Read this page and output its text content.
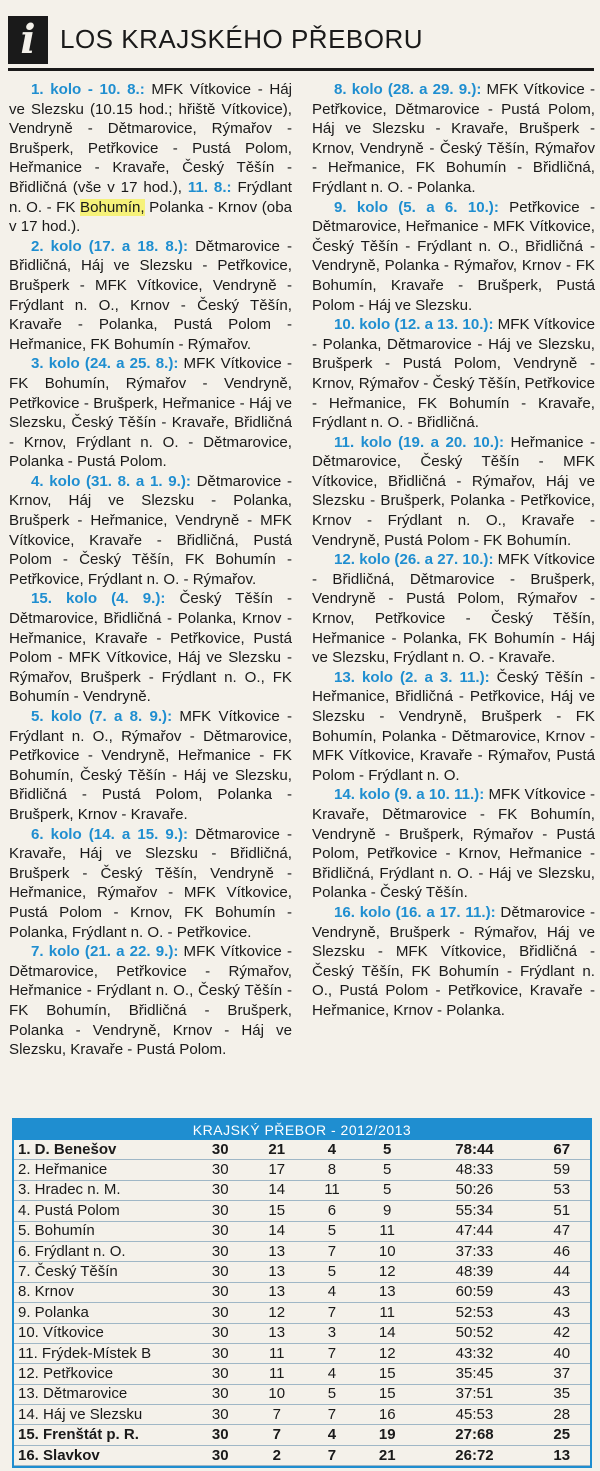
i LOS KRAJSKÉHO PŘEBORU

1. kolo - 10. 8.: MFK Vítkovice - Háj ve Slezsku (10.15 hod.; hřiště Vítkovice), Vendryně - Dětmarovice, Rýmařov - Brušperk, Petřkovice - Pustá Polom, Heřmanice - Kravaře, Český Těšín - Břidličná (vše v 17 hod.), 11. 8.: Frýdlant n. O. - FK Bohumín, Polanka - Krnov (oba v 17 hod.).

2. kolo (17. a 18. 8.): Dětmarovice - Břidličná, Háj ve Slezsku - Petřkovice, Brušperk - MFK Vítkovice, Vendryně - Frýdlant n. O., Krnov - Český Těšín, Kravaře - Polanka, Pustá Polom - Heřmanice, FK Bohumín - Rýmařov.

3. kolo (24. a 25. 8.): MFK Vítkovice - FK Bohumín, Rýmařov - Vendryně, Petřkovice - Brušperk, Heřmanice - Háj ve Slezsku, Český Těšín - Kravaře, Břidličná - Krnov, Frýdlant n. O. - Dětmarovice, Polanka - Pustá Polom.

4. kolo (31. 8. a 1. 9.): Dětmarovice - Krnov, Háj ve Slezsku - Polanka, Brušperk - Heřmanice, Vendryně - MFK Vítkovice, Kravaře - Břidličná, Pustá Polom - Český Těšín, FK Bohumín - Petřkovice, Frýdlant n. O. - Rýmařov.

15. kolo (4. 9.): Český Těšín - Dětmarovice, Břidličná - Polanka, Krnov - Heřmanice, Kravaře - Petřkovice, Pustá Polom - MFK Vítkovice, Háj ve Slezsku - Rýmařov, Brušperk - Frýdlant n. O., FK Bohumín - Vendryně.

5. kolo (7. a 8. 9.): MFK Vítkovice - Frýdlant n. O., Rýmařov - Dětmarovice, Petřkovice - Vendryně, Heřmanice - FK Bohumín, Český Těšín - Háj ve Slezsku, Břidličná - Pustá Polom, Polanka - Brušperk, Krnov - Kravaře.

6. kolo (14. a 15. 9.): Dětmarovice - Kravaře, Háj ve Slezsku - Břidličná, Brušperk - Český Těšín, Vendryně - Heřmanice, Rýmařov - MFK Vítkovice, Pustá Polom - Krnov, FK Bohumín - Polanka, Frýdlant n. O. - Petřkovice.

7. kolo (21. a 22. 9.): MFK Vítkovice - Dětmarovice, Petřkovice - Rýmařov, Heřmanice - Frýdlant n. O., Český Těšín - FK Bohumín, Břidličná - Brušperk, Polanka - Vendryně, Krnov - Háj ve Slezsku, Kravaře - Pustá Polom.

8. kolo (28. a 29. 9.): MFK Vítkovice - Petřkovice, Dětmarovice - Pustá Polom, Háj ve Slezsku - Kravaře, Brušperk - Krnov, Vendryně - Český Těšín, Rýmařov - Heřmanice, FK Bohumín - Břidličná, Frýdlant n. O. - Polanka.

9. kolo (5. a 6. 10.): Petřkovice - Dětmarovice, Heřmanice - MFK Vítkovice, Český Těšín - Frýdlant n. O., Břidličná - Vendryně, Polanka - Rýmařov, Krnov - FK Bohumín, Kravaře - Brušperk, Pustá Polom - Háj ve Slezsku.

10. kolo (12. a 13. 10.): MFK Vítkovice - Polanka, Dětmarovice - Háj ve Slezsku, Brušperk - Pustá Polom, Vendryně - Krnov, Rýmařov - Český Těšín, Petřkovice - Heřmanice, FK Bohumín - Kravaře, Frýdlant n. O. - Břidličná.

11. kolo (19. a 20. 10.): Heřmanice - Dětmarovice, Český Těšín - MFK Vítkovice, Břidličná - Rýmařov, Háj ve Slezsku - Brušperk, Polanka - Petřkovice, Krnov - Frýdlant n. O., Kravaře - Vendryně, Pustá Polom - FK Bohumín.

12. kolo (26. a 27. 10.): MFK Vítkovice - Břidličná, Dětmarovice - Brušperk, Vendryně - Pustá Polom, Rýmařov - Krnov, Petřkovice - Český Těšín, Heřmanice - Polanka, FK Bohumín - Háj ve Slezsku, Frýdlant n. O. - Kravaře.

13. kolo (2. a 3. 11.): Český Těšín - Heřmanice, Břidličná - Petřkovice, Háj ve Slezsku - Vendryně, Brušperk - FK Bohumín, Polanka - Dětmarovice, Krnov - MFK Vítkovice, Kravaře - Rýmařov, Pustá Polom - Frýdlant n. O.

14. kolo (9. a 10. 11.): MFK Vítkovice - Kravaře, Dětmarovice - FK Bohumín, Vendryně - Brušperk, Rýmařov - Pustá Polom, Petřkovice - Krnov, Heřmanice - Břidličná, Frýdlant n. O. - Háj ve Slezsku, Polanka - Český Těšín.

16. kolo (16. a 17. 11.): Dětmarovice - Vendryně, Brušperk - Rýmařov, Háj ve Slezsku - MFK Vítkovice, Břidličná - Český Těšín, FK Bohumín - Frýdlant n. O., Pustá Polom - Petřkovice, Kravaře - Heřmanice, Krnov - Polanka.

KRAJSKÝ PŘEBOR - 2012/2013
1. D. Benešov	30	21	4	5	78:44	67
2. Heřmanice	30	17	8	5	48:33	59
3. Hradec n. M.	30	14	11	5	50:26	53
4. Pustá Polom	30	15	6	9	55:34	51
5. Bohumín	30	14	5	11	47:44	47
6. Frýdlant n. O.	30	13	7	10	37:33	46
7. Český Těšín	30	13	5	12	48:39	44
8. Krnov	30	13	4	13	60:59	43
9. Polanka	30	12	7	11	52:53	43
10. Vítkovice	30	13	3	14	50:52	42
11. Frýdek-Místek B	30	11	7	12	43:32	40
12. Petřkovice	30	11	4	15	35:45	37
13. Dětmarovice	30	10	5	15	37:51	35
14. Háj ve Slezsku	30	7	7	16	45:53	28
15. Frenštát p. R.	30	7	4	19	27:68	25
16. Slavkov	30	2	7	21	26:72	13
